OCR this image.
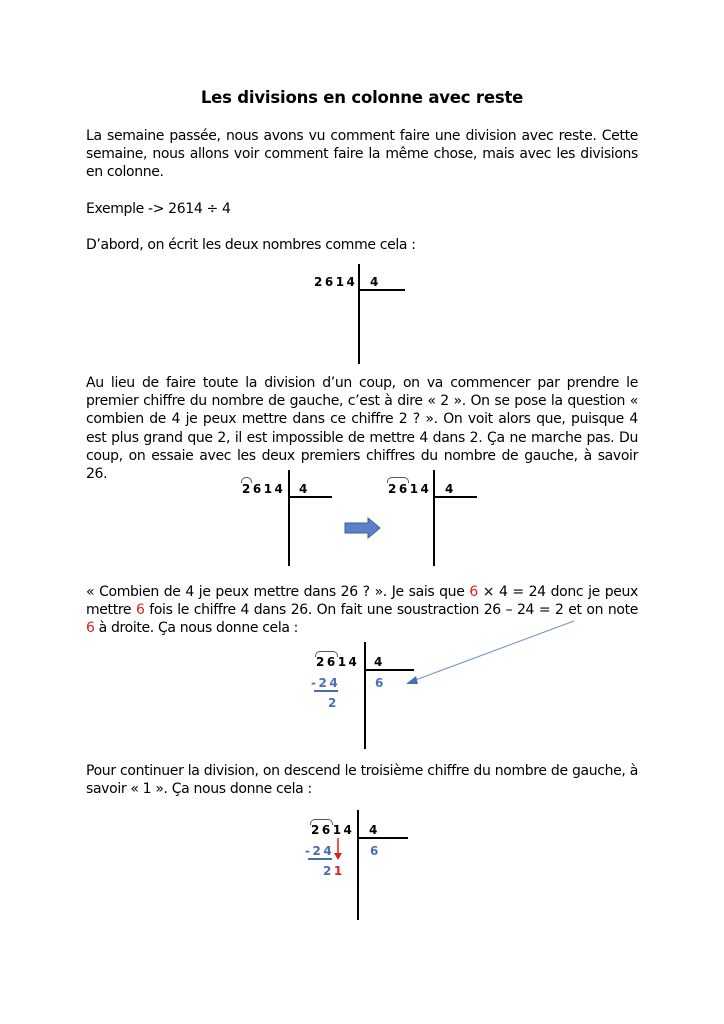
Les divisions en colonne avec reste
La semaine passée, nous avons vu comment faire une division avec reste. Cette semaine, nous allons voir comment faire la même chose, mais avec les divisions en colonne.
Exemple -> 2614 ÷ 4
D’abord, on écrit les deux nombres comme cela :
2614 4
Au lieu de faire toute la division d’un coup, on va commencer par prendre le premier chiffre du nombre de gauche, c’est à dire « 2 ». On se pose la question « combien de 4 je peux mettre dans ce chiffre 2 ? ». On voit alors que, puisque 4 est plus grand que 2, il est impossible de mettre 4 dans 2. Ça ne marche pas. Du coup, on essaie avec les deux premiers chiffres du nombre de gauche, à savoir 26.
2614 4	2614 4
« Combien de 4 je peux mettre dans 26 ? ». Je sais que 6 × 4 = 24 donc je peux mettre 6 fois le chiffre 4 dans 26. On fait une soustraction 26 – 24 = 2 et on note 6 à droite. Ça nous donne cela :
2614 4
-24
2
6
Pour continuer la division, on descend le troisième chiffre du nombre de gauche, à savoir « 1 ». Ça nous donne cela :
2614 4
-24
21
6
